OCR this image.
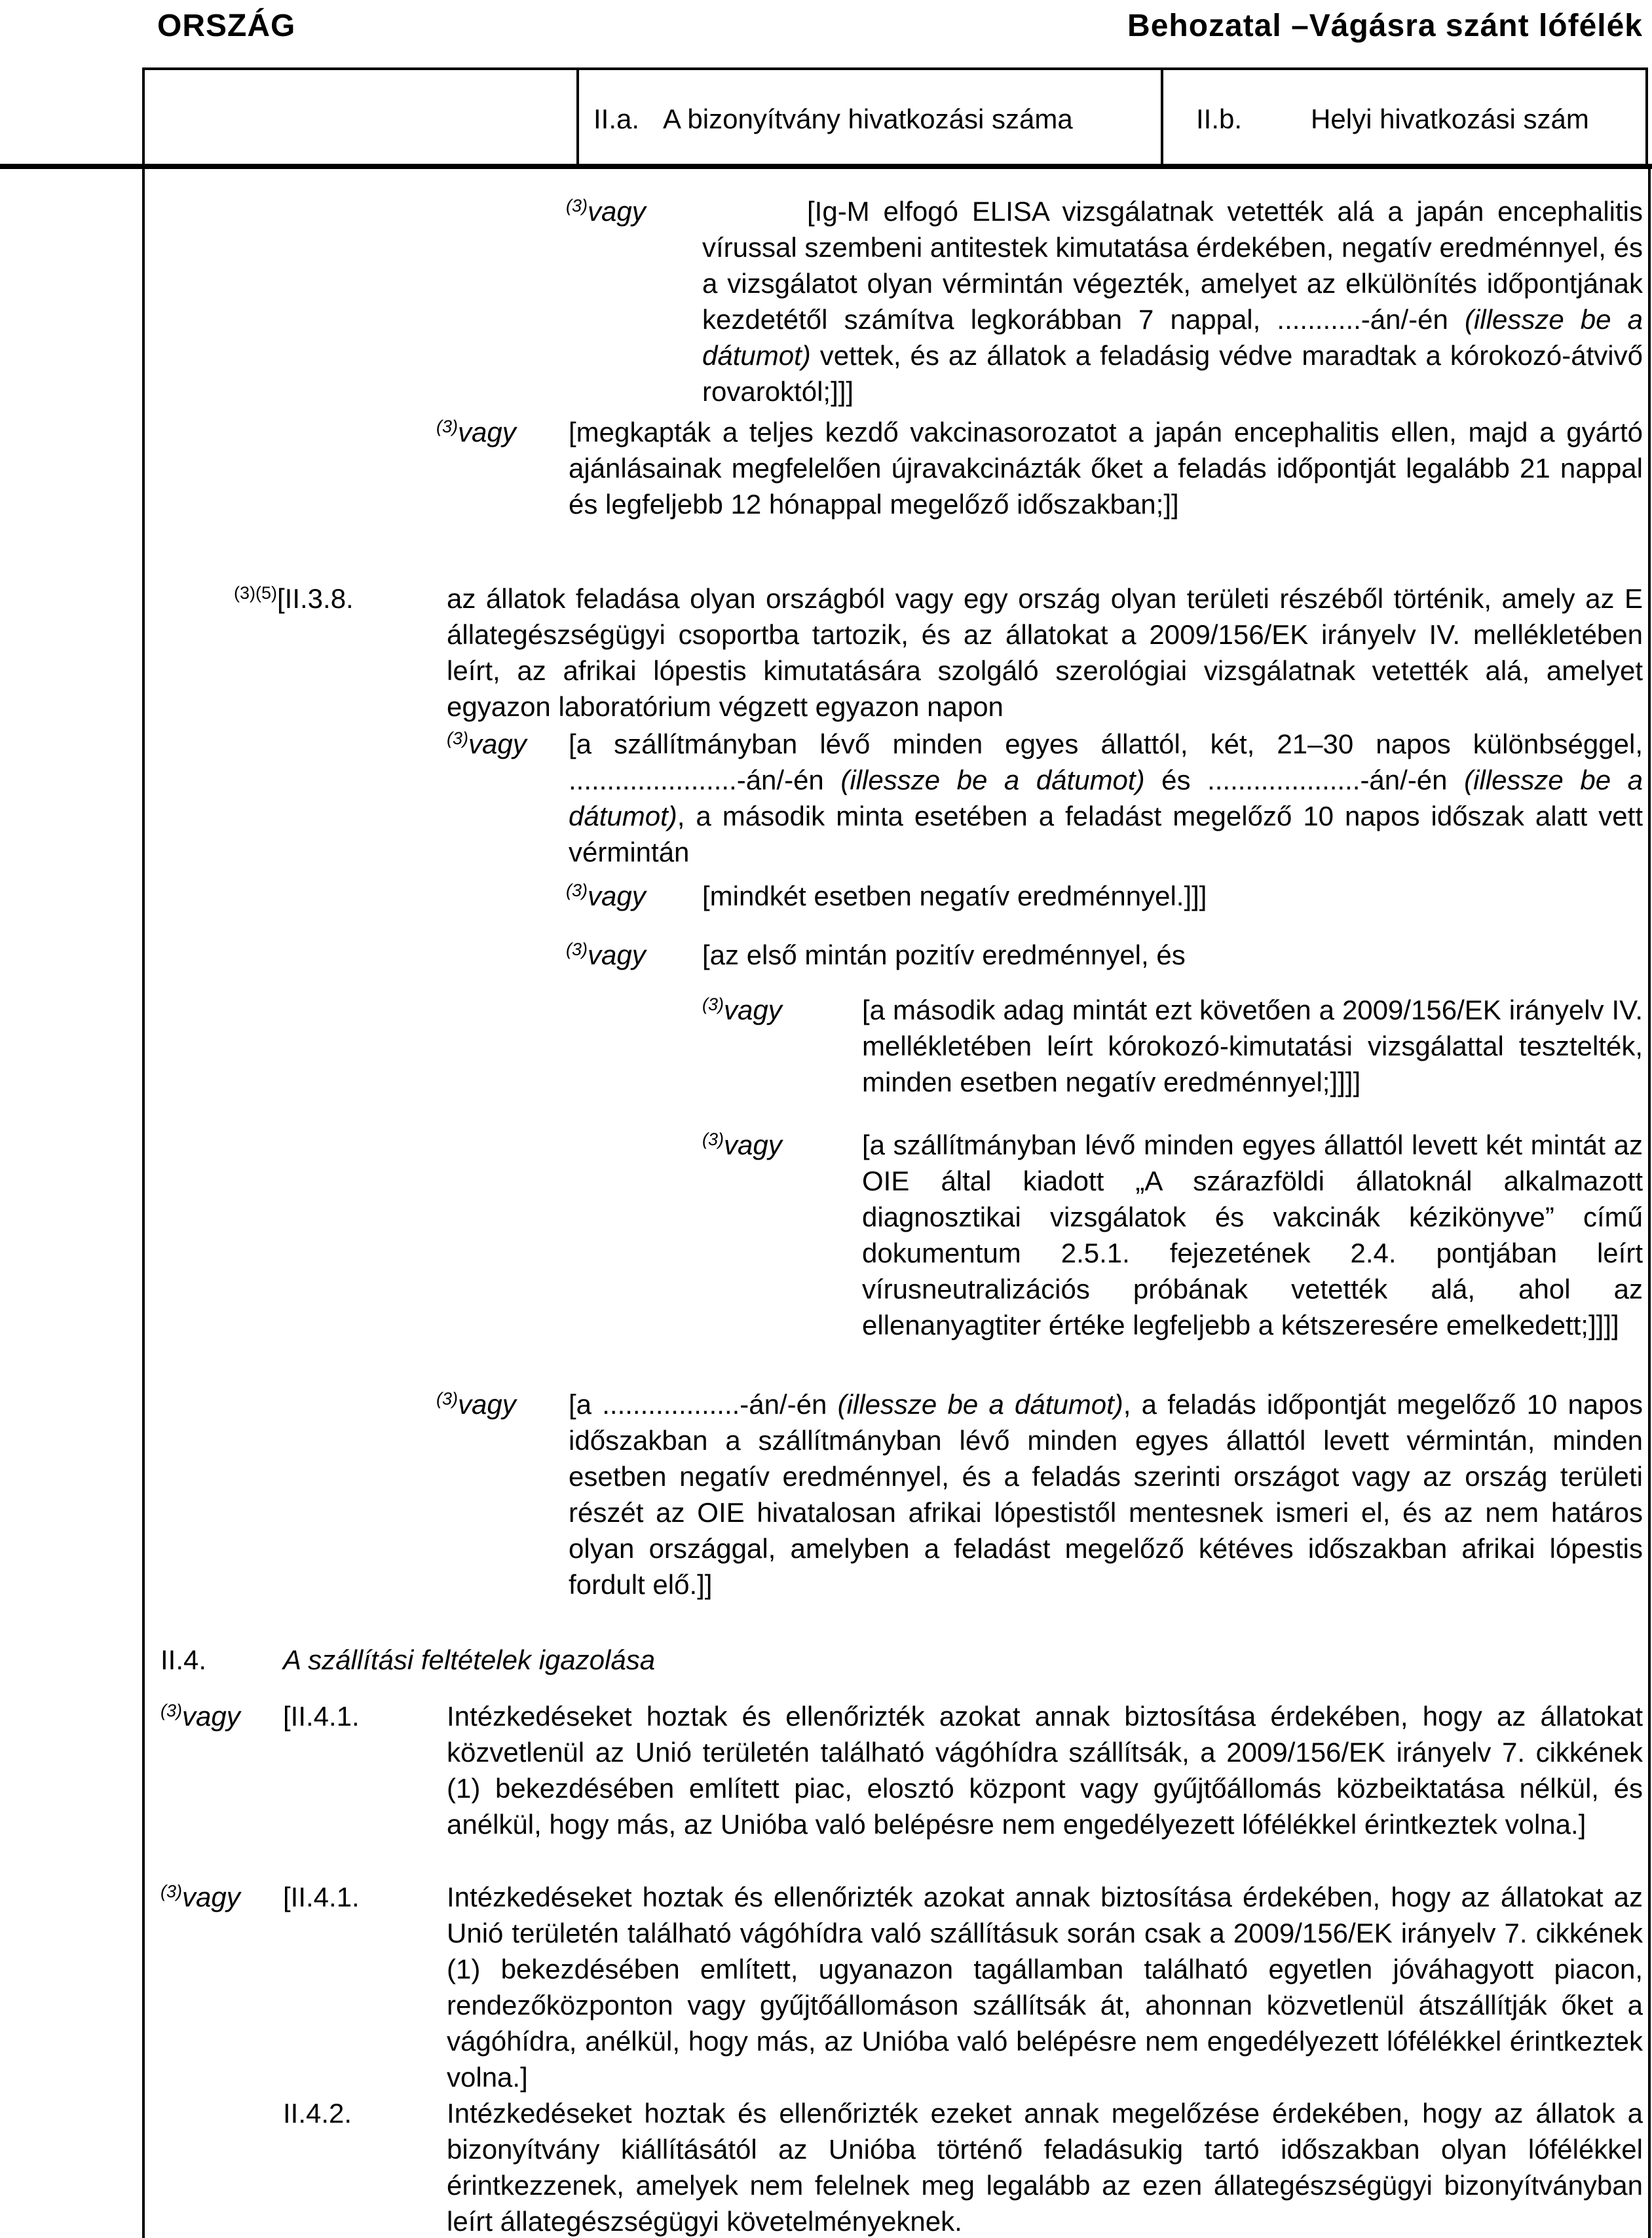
ORSZÁG	Behozatal –Vágásra szánt lófélék
II.a. A bizonyítvány hivatkozási száma	II.b.	Helyi hivatkozási szám
$^{(3)}$vagy	[Ig-M elfogó ELISA vizsgálatnak vetették alá a japán encephalitis vírussal szembeni antitestek kimutatása érdekében, negatív eredménnyel, és a vizsgálatot olyan vérmintán végezték, amelyet az elkülönítés időpontjának kezdetétől számítva legkorábban 7 nappal, ...........-án/-én (illessze be a dátumot) vettek, és az állatok a feladásig védve maradtak a kórokozó-átvivő rovaroktól;]]]
$^{(3)}$vagy [megkapták a teljes kezdő vakcinasorozatot a japán encephalitis ellen, majd a gyártó ajánlásainak megfelelően újravakcinázták őket a feladás időpontját legalább 21 nappal és legfeljebb 12 hónappal megelőző időszakban;]]
$^{(3)(5)}$[II.3.8.	az állatok feladása olyan országból vagy egy ország olyan területi részéből történik, amely az E állategészségügyi csoportba tartozik, és az állatokat a 2009/156/EK irányelv IV. mellékletében leírt, az afrikai lópestis kimutatására szolgáló szerológiai vizsgálatnak vetették alá, amelyet egyazon laboratórium végzett egyazon napon
$^{(3)}$vagy [a szállítmányban lévő minden egyes állattól, két, 21–30 napos különbséggel, ......................-án/-én (illessze be a dátumot) és ....................-án/-én (illessze be a dátumot), a második minta esetében a feladást megelőző 10 napos időszak alatt vett vérmintán
$^{(3)}$vagy [mindkét esetben negatív eredménnyel.]]]
$^{(3)}$vagy [az első mintán pozitív eredménnyel, és
$^{(3)}$vagy	[a második adag mintát ezt követően a 2009/156/EK irányelv IV. mellékletében leírt kórokozó-kimutatási vizsgálattal tesztelték, minden esetben negatív eredménnyel;]]]]
$^{(3)}$vagy	[a szállítmányban lévő minden egyes állattól levett két mintát az OIE által kiadott „A szárazföldi állatoknál alkalmazott diagnosztikai vizsgálatok és vakcinák kézikönyve” című dokumentum 2.5.1. fejezetének 2.4. pontjában leírt vírusneutralizációs próbának vetették alá, ahol az ellenanyagtiter értéke legfeljebb a kétszeresére emelkedett;]]]]
$^{(3)}$vagy [a ..................-án/-én (illessze be a dátumot), a feladás időpontját megelőző 10 napos időszakban a szállítmányban lévő minden egyes állattól levett vérmintán, minden esetben negatív eredménnyel, és a feladás szerinti országot vagy az ország területi részét az OIE hivatalosan afrikai lópestistől mentesnek ismeri el, és az nem határos olyan országgal, amelyben a feladást megelőző kétéves időszakban afrikai lópestis fordult elő.]]
II.4.	A szállítási feltételek igazolása
$^{(3)}$vagy [II.4.1.	Intézkedéseket hoztak és ellenőrizték azokat annak biztosítása érdekében, hogy az állatokat közvetlenül az Unió területén található vágóhídra szállítsák, a 2009/156/EK irányelv 7. cikkének (1) bekezdésében említett piac, elosztó központ vagy gyűjtőállomás közbeiktatása nélkül, és anélkül, hogy más, az Unióba való belépésre nem engedélyezett lófélékkel érintkeztek volna.]
$^{(3)}$vagy [II.4.1.	Intézkedéseket hoztak és ellenőrizték azokat annak biztosítása érdekében, hogy az állatokat az Unió területén található vágóhídra való szállításuk során csak a 2009/156/EK irányelv 7. cikkének (1) bekezdésében említett, ugyanazon tagállamban található egyetlen jóváhagyott piacon, rendezőközponton vagy gyűjtőállomáson szállítsák át, ahonnan közvetlenül átszállítják őket a vágóhídra, anélkül, hogy más, az Unióba való belépésre nem engedélyezett lófélékkel érintkeztek volna.]
II.4.2.	Intézkedéseket hoztak és ellenőrizték ezeket annak megelőzése érdekében, hogy az állatok a bizonyítvány kiállításától az Unióba történő feladásukig tartó időszakban olyan lófélékkel érintkezzenek, amelyek nem felelnek meg legalább az ezen állategészségügyi bizonyítványban leírt állategészségügyi követelményeknek.
